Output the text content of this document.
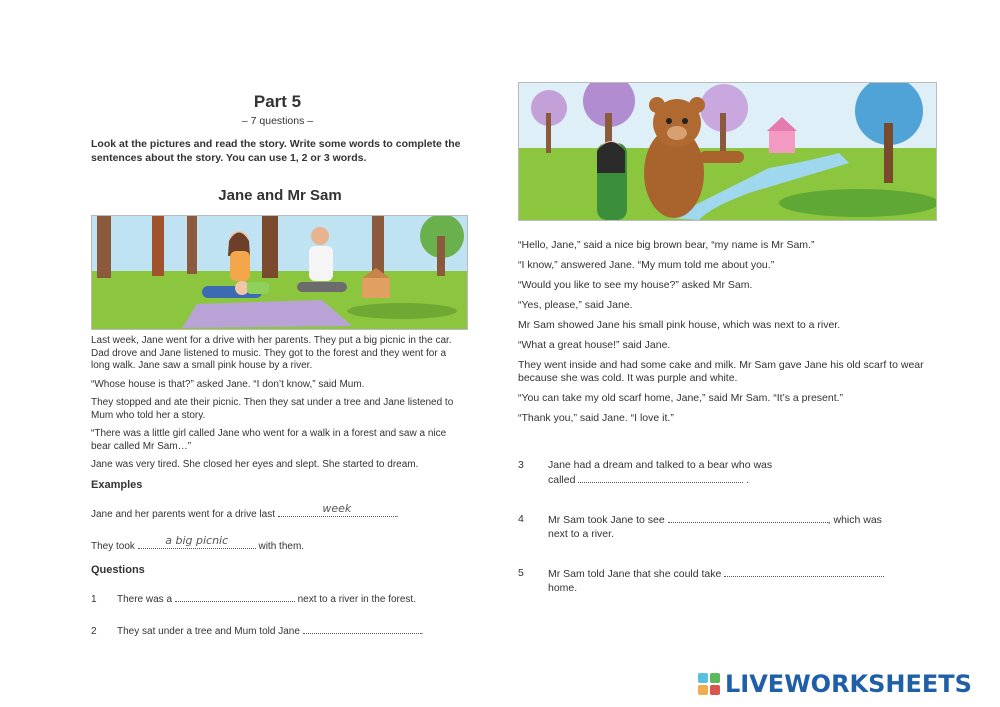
Part 5
– 7 questions –
Look at the pictures and read the story. Write some words to complete the sentences about the story. You can use 1, 2 or 3 words.
Jane and Mr Sam

Last week, Jane went for a drive with her parents. They put a big picnic in the car. Dad drove and Jane listened to music. They got to the forest and they went for a long walk. Jane saw a small pink house by a river.

“Whose house is that?” asked Jane. “I don’t know,” said Mum.

They stopped and ate their picnic. Then they sat under a tree and Jane listened to Mum who told her a story.

“There was a little girl called Jane who went for a walk in a forest and saw a nice bear called Mr Sam…”

Jane was very tired. She closed her eyes and slept. She started to dream.

Examples
Jane and her parents went for a drive last	week	.
They took	a big picnic	with them.
Questions
1 There was a	next to a river in the forest.
2 They sat under a tree and Mum told Jane	.

“Hello, Jane,” said a nice big brown bear, “my name is Mr Sam.”

“I know,” answered Jane. “My mum told me about you.”

“Would you like to see my house?” asked Mr Sam.

“Yes, please,” said Jane.

Mr Sam showed Jane his small pink house, which was next to a river.

“What a great house!” said Jane.

They went inside and had some cake and milk. Mr Sam gave Jane his old scarf to wear because she was cold. It was purple and white.

“You can take my old scarf home, Jane,” said Mr Sam. “It’s a present.”

“Thank you,” said Jane. “I love it.”

3 Jane had a dream and talked to a bear who was
called	.
4 Mr Sam took Jane to see	, which was
next to a river.
5 Mr Sam told Jane that she could take
home.
LIVEWORKSHEETS
